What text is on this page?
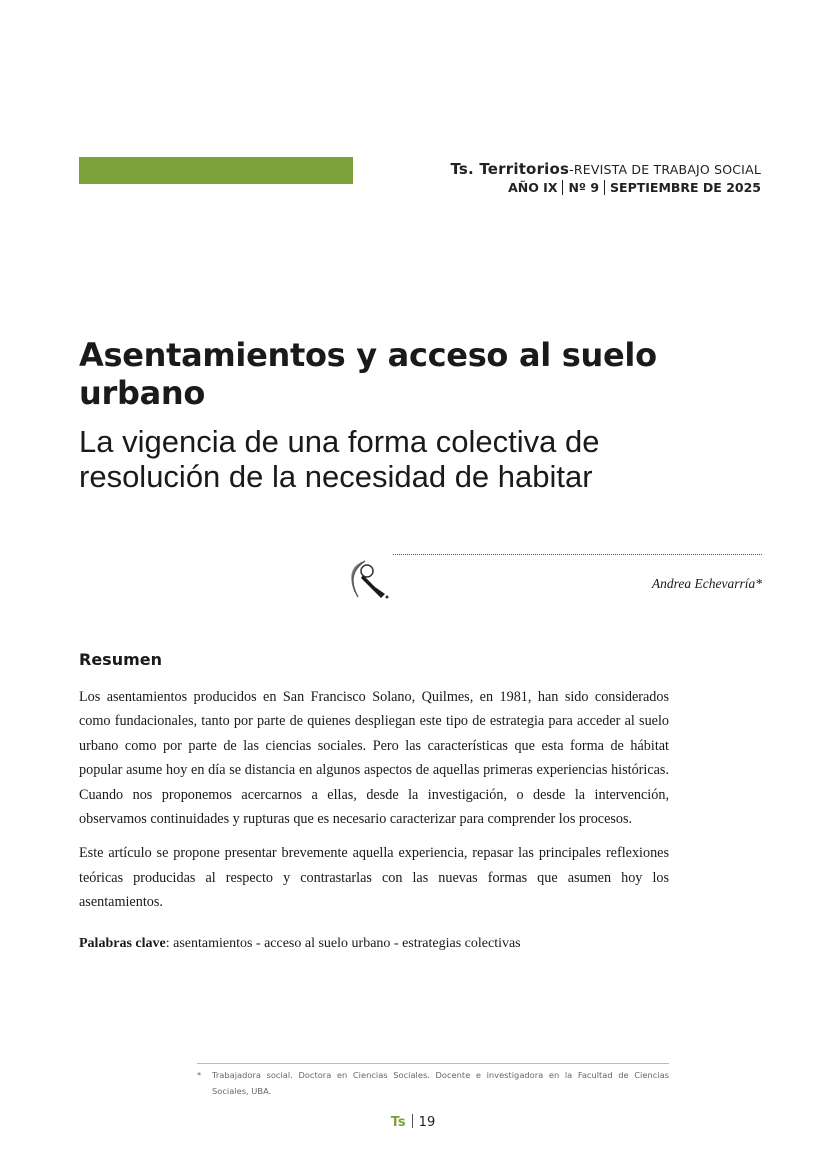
Ts. Territorios-REVISTA DE TRABAJO SOCIAL
AÑO IX Nº 9 SEPTIEMBRE DE 2025
Asentamientos y acceso al suelo urbano
La vigencia de una forma colectiva de resolución de la necesidad de habitar
Andrea Echevarría*
Resumen

Los asentamientos producidos en San Francisco Solano, Quilmes, en 1981, han sido considerados como fundacionales, tanto por parte de quienes despliegan este tipo de estrategia para acceder al suelo urbano como por parte de las ciencias sociales. Pero las características que esta forma de hábitat popular asume hoy en día se distancia en algunos aspectos de aquellas primeras experiencias históricas. Cuando nos proponemos acercarnos a ellas, desde la investigación, o desde la intervención, observamos continuidades y rupturas que es necesario caracterizar para comprender los procesos.

Este artículo se propone presentar brevemente aquella experiencia, repasar las principales reflexiones teóricas producidas al respecto y contrastarlas con las nuevas formas que asumen hoy los asentamientos.

Palabras clave: asentamientos - acceso al suelo urbano - estrategias colectivas
*	Trabajadora social. Doctora en Ciencias Sociales. Docente e investigadora en la Facultad de Ciencias Sociales, UBA.
Ts 19
